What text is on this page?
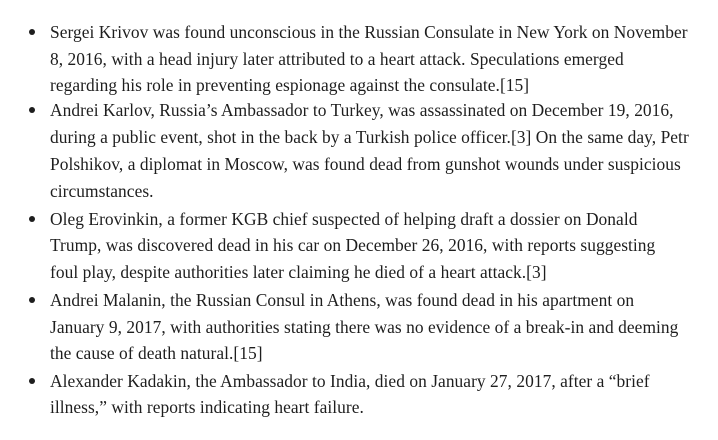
Sergei Krivov was found unconscious in the Russian Consulate in New York on November
8, 2016, with a head injury later attributed to a heart attack. Speculations emerged
regarding his role in preventing espionage against the consulate.[15]
Andrei Karlov, Russia’s Ambassador to Turkey, was assassinated on December 19, 2016,
during a public event, shot in the back by a Turkish police officer.[3] On the same day, Petr
Polshikov, a diplomat in Moscow, was found dead from gunshot wounds under suspicious
circumstances.
Oleg Erovinkin, a former KGB chief suspected of helping draft a dossier on Donald
Trump, was discovered dead in his car on December 26, 2016, with reports suggesting
foul play, despite authorities later claiming he died of a heart attack.[3]
Andrei Malanin, the Russian Consul in Athens, was found dead in his apartment on
January 9, 2017, with authorities stating there was no evidence of a break-in and deeming
the cause of death natural.[15]
Alexander Kadakin, the Ambassador to India, died on January 27, 2017, after a “brief
illness,” with reports indicating heart failure.
